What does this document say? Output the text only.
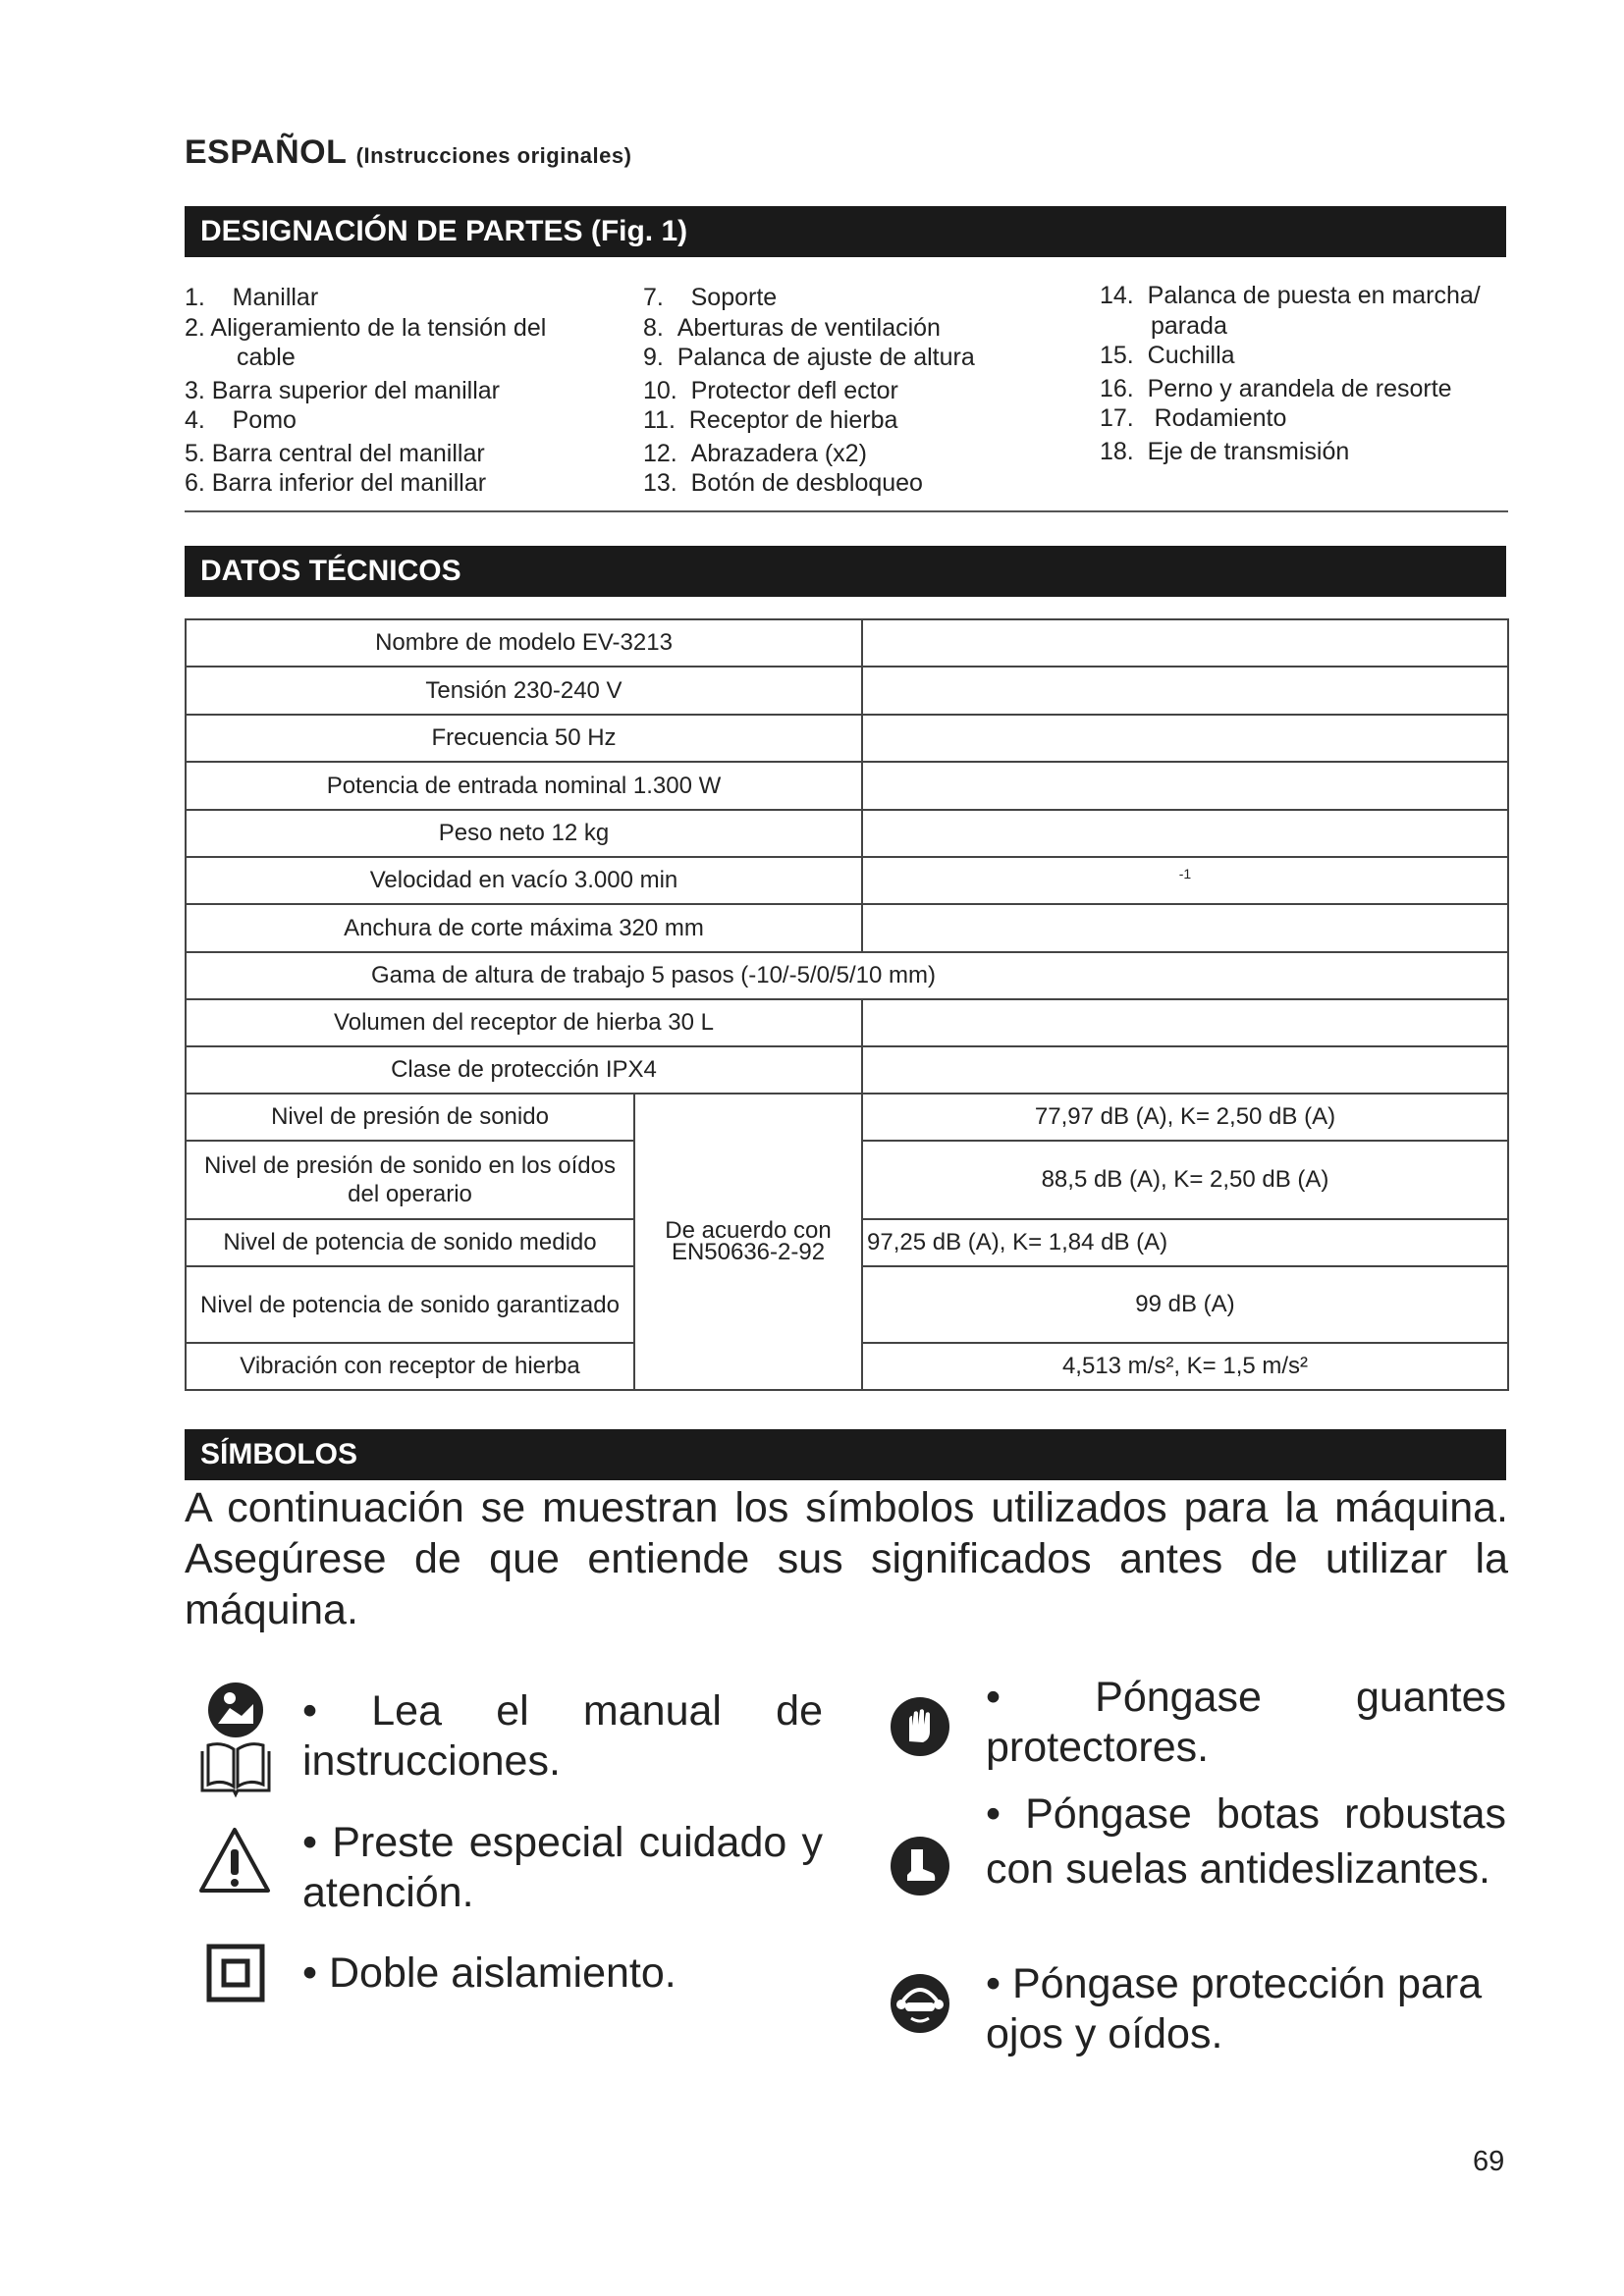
ESPAÑOL (Instrucciones originales)
DESIGNACIÓN DE PARTES (Fig. 1)
1.    Manillar
2. Aligeramiento de la tensión del
cable
3. Barra superior del manillar
4.    Pomo
5. Barra central del manillar
6. Barra inferior del manillar
7.    Soporte
8.  Aberturas de ventilación
9.  Palanca de ajuste de altura
10.  Protector defl ector
11.  Receptor de hierba
12.  Abrazadera (x2)
13.  Botón de desbloqueo
14.  Palanca de puesta en marcha/
parada
15.  Cuchilla
16.  Perno y arandela de resorte
17.   Rodamiento
18.  Eje de transmisión
DATOS TÉCNICOS
Nombre de modelo EV-3213		
Tensión 230-240 V		
Frecuencia 50 Hz		
Potencia de entrada nominal 1.300 W		
Peso neto 12 kg		
Velocidad en vacío 3.000 min		-1
Anchura de corte máxima 320 mm		
Gama de altura de trabajo 5 pasos (-10/-5/0/5/10 mm)		
Volumen del receptor de hierba 30 L		
Clase de protección IPX4		
Nivel de presión de sonido	De acuerdo con EN50636-2-92	77,97 dB (A), K= 2,50 dB (A)
Nivel de presión de sonido en los oídos del operario		88,5 dB (A), K= 2,50 dB (A)
Nivel de potencia de sonido medido		97,25 dB (A), K= 1,84 dB (A)
Nivel de potencia de sonido garantizado		99 dB (A)
Vibración con receptor de hierba		4,513 m/s², K= 1,5 m/s²
SÍMBOLOS
A continuación se muestran los símbolos utilizados para la máquina. Asegúrese de que entiende sus significados antes de utilizar la máquina.
• Lea el manual de instrucciones.
• Preste especial cuidado y atención.
• Doble aislamiento.
• Póngase guantes protectores.
• Póngase botas robustas con suelas antideslizantes.
• Póngase protección para ojos y oídos.
69
